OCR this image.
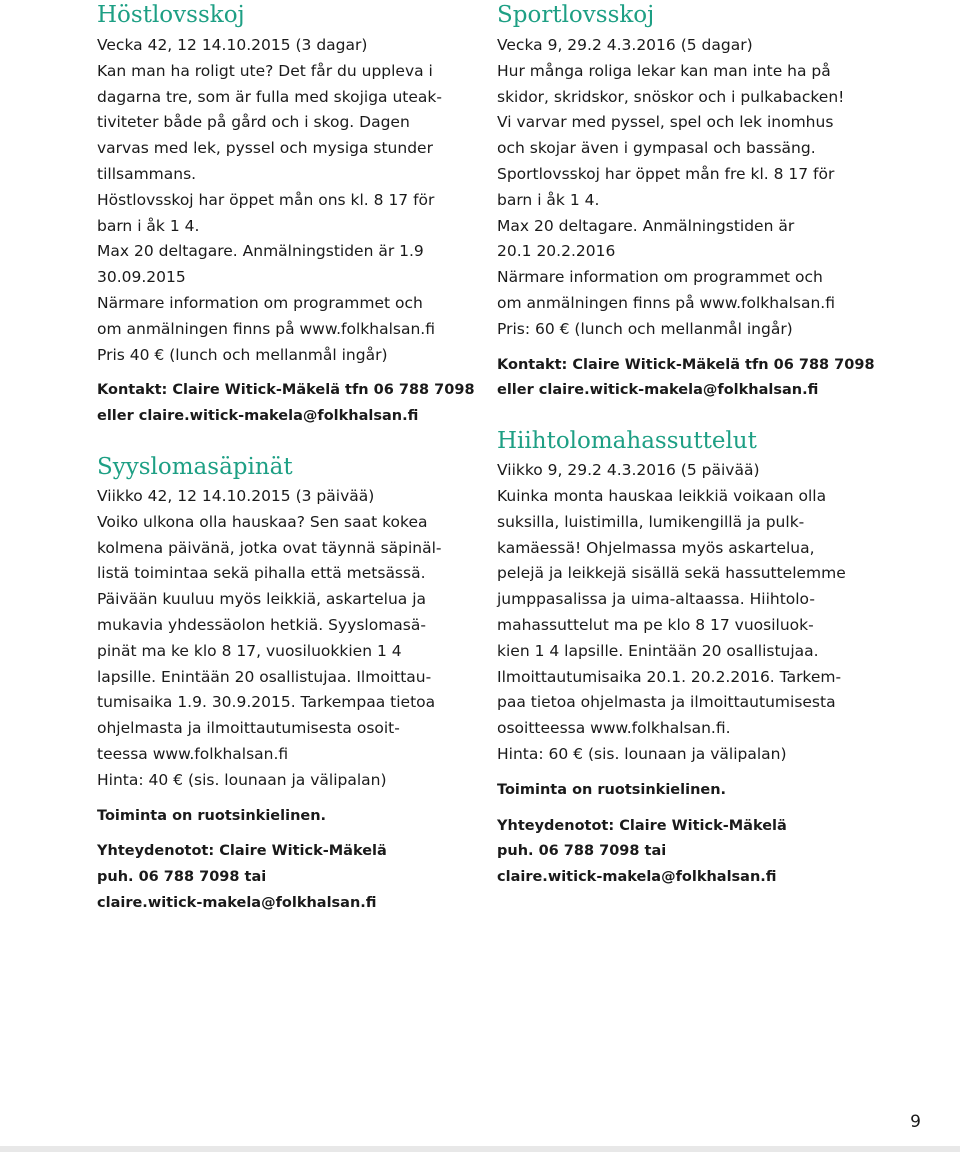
Höstlovsskoj
Vecka 42, 12 14.10.2015 (3 dagar)
Kan man ha roligt ute? Det får du uppleva i
dagarna tre, som är fulla med skojiga uteak-
tiviteter både på gård och i skog. Dagen
varvas med lek, pyssel och mysiga stunder
tillsammans.
Höstlovsskoj har öppet mån ons kl. 8 17 för
barn i åk 1 4.
Max 20 deltagare. Anmälningstiden är 1.9
30.09.2015
Närmare information om programmet och
om anmälningen finns på www.folkhalsan.fi
Pris 40 € (lunch och mellanmål ingår)
Kontakt: Claire Witick-Mäkelä tfn 06 788 7098
eller claire.witick-makela@folkhalsan.fi
Syyslomasäpinät
Viikko 42, 12 14.10.2015 (3 päivää)
Voiko ulkona olla hauskaa? Sen saat kokea
kolmena päivänä, jotka ovat täynnä säpinäl-
listä toimintaa sekä pihalla että metsässä.
Päivään kuuluu myös leikkiä, askartelua ja
mukavia yhdessäolon hetkiä. Syyslomasä-
pinät ma ke klo 8 17, vuosiluokkien 1 4
lapsille. Enintään 20 osallistujaa. Ilmoittau-
tumisaika 1.9. 30.9.2015. Tarkempaa tietoa
ohjelmasta ja ilmoittautumisesta osoit-
teessa www.folkhalsan.fi
Hinta: 40 € (sis. lounaan ja välipalan)
Toiminta on ruotsinkielinen.
Yhteydenotot: Claire Witick-Mäkelä
puh. 06 788 7098 tai
claire.witick-makela@folkhalsan.fi
Sportlovsskoj
Vecka 9, 29.2 4.3.2016 (5 dagar)
Hur många roliga lekar kan man inte ha på
skidor, skridskor, snöskor och i pulkabacken!
Vi varvar med pyssel, spel och lek inomhus
och skojar även i gympasal och bassäng.
Sportlovsskoj har öppet mån fre kl. 8 17 för
barn i åk 1 4.
Max 20 deltagare. Anmälningstiden är
20.1 20.2.2016
Närmare information om programmet och
om anmälningen finns på www.folkhalsan.fi
Pris: 60 € (lunch och mellanmål ingår)
Kontakt: Claire Witick-Mäkelä tfn 06 788 7098
eller claire.witick-makela@folkhalsan.fi
Hiihtolomahassuttelut
Viikko 9, 29.2 4.3.2016 (5 päivää)
Kuinka monta hauskaa leikkiä voikaan olla
suksilla, luistimilla, lumikengillä ja pulk-
kamäessä! Ohjelmassa myös askartelua,
pelejä ja leikkejä sisällä sekä hassuttelemme
jumppasalissa ja uima-altaassa. Hiihtolo-
mahassuttelut ma pe klo 8 17 vuosiluok-
kien 1 4 lapsille. Enintään 20 osallistujaa.
Ilmoittautumisaika 20.1. 20.2.2016. Tarkem-
paa tietoa ohjelmasta ja ilmoittautumisesta
osoitteessa www.folkhalsan.fi.
Hinta: 60 € (sis. lounaan ja välipalan)
Toiminta on ruotsinkielinen.
Yhteydenotot: Claire Witick-Mäkelä
puh. 06 788 7098 tai
claire.witick-makela@folkhalsan.fi
9
